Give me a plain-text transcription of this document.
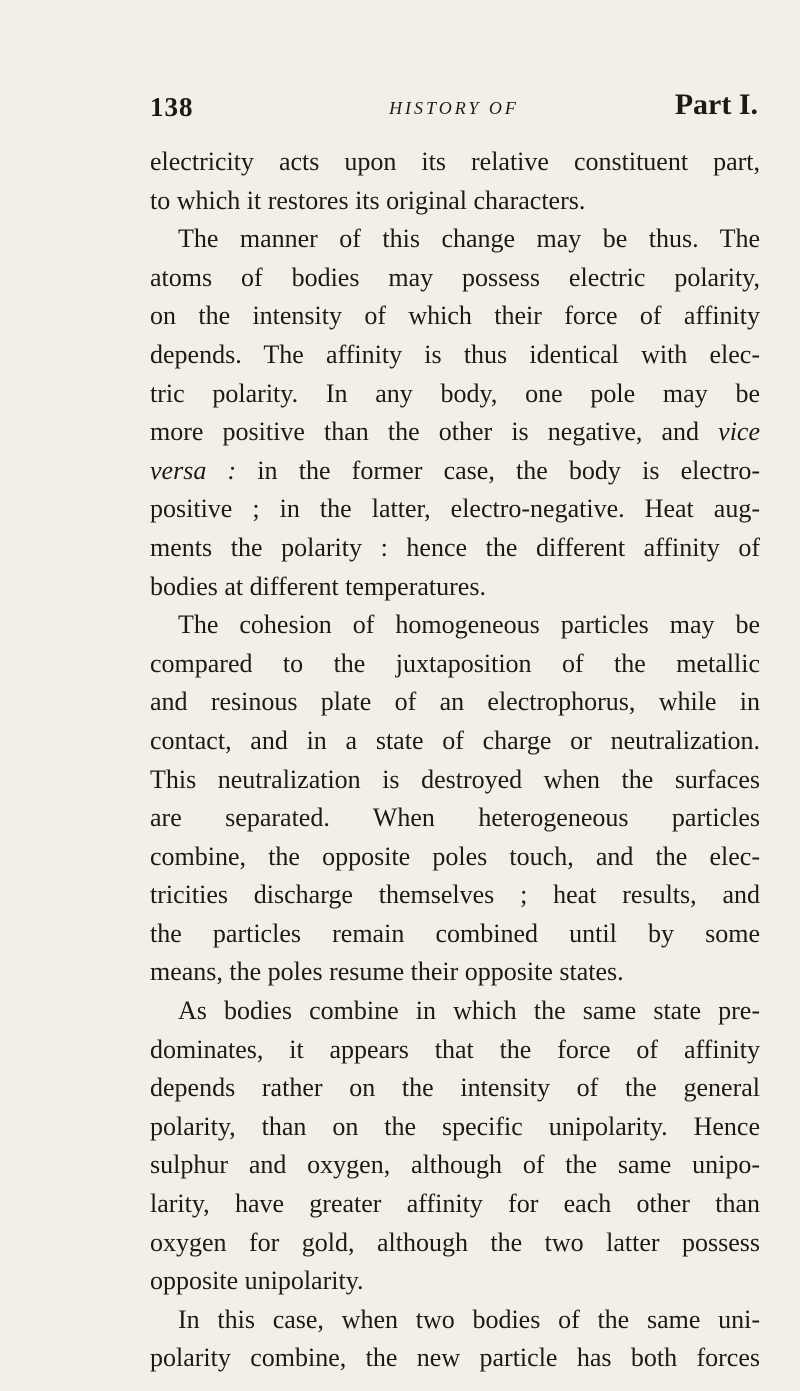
138	HISTORY OF	Part I.
electricity acts upon its relative constituent part,
to which it restores its original characters.
The manner of this change may be thus. The
atoms of bodies may possess electric polarity,
on the intensity of which their force of affinity
depends. The affinity is thus identical with elec-
tric polarity. In any body, one pole may be
more positive than the other is negative, and vice
versa : in the former case, the body is electro-
positive ; in the latter, electro-negative. Heat aug-
ments the polarity : hence the different affinity of
bodies at different temperatures.
The cohesion of homogeneous particles may be
compared to the juxtaposition of the metallic
and resinous plate of an electrophorus, while in
contact, and in a state of charge or neutralization.
This neutralization is destroyed when the surfaces
are separated. When heterogeneous particles
combine, the opposite poles touch, and the elec-
tricities discharge themselves ; heat results, and
the particles remain combined until by some
means, the poles resume their opposite states.
As bodies combine in which the same state pre-
dominates, it appears that the force of affinity
depends rather on the intensity of the general
polarity, than on the specific unipolarity. Hence
sulphur and oxygen, although of the same unipo-
larity, have greater affinity for each other than
oxygen for gold, although the two latter possess
opposite unipolarity.
In this case, when two bodies of the same uni-
polarity combine, the new particle has both forces
